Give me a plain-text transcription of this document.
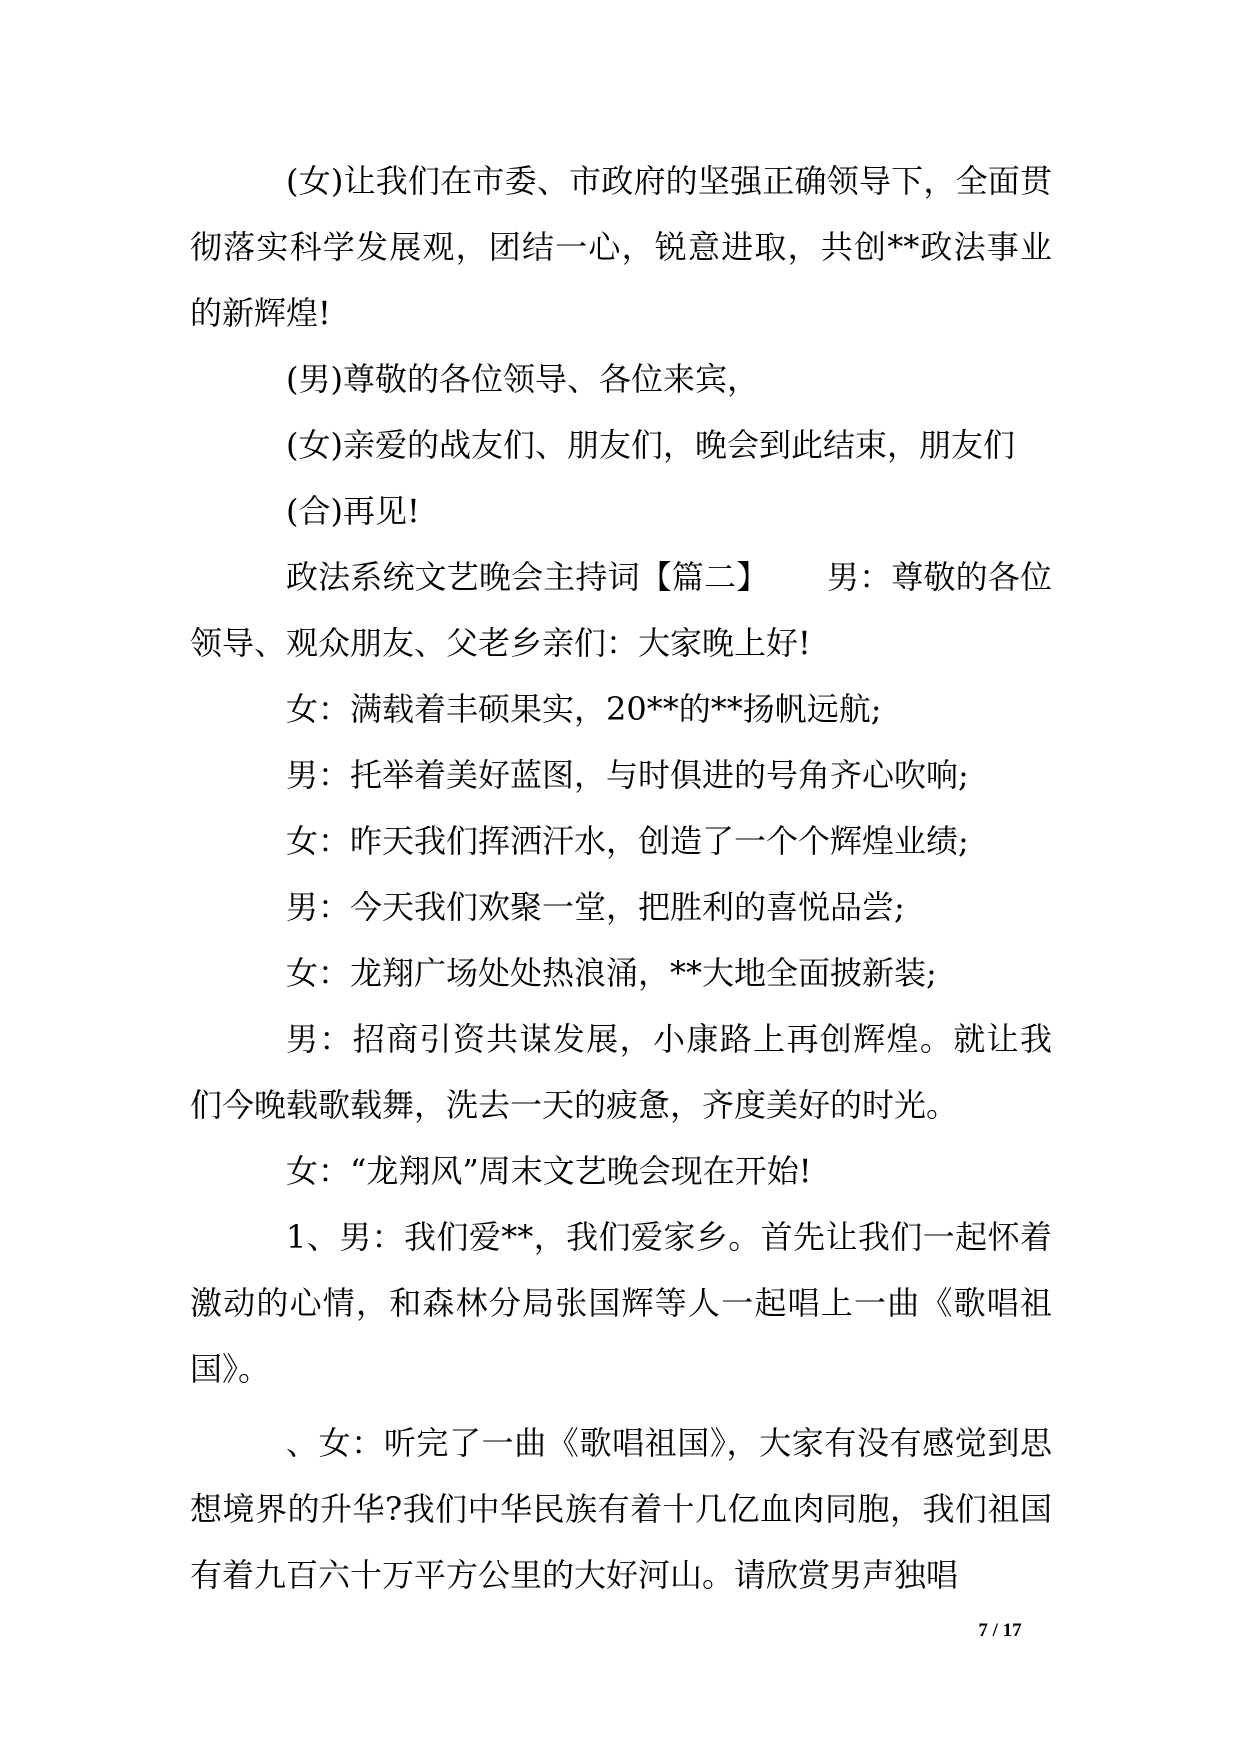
(女)让我们在市委、市政府的坚强正确领导下，全面贯彻落实科学发展观，团结一心，锐意进取，共创**政法事业的新辉煌!

(男)尊敬的各位领导、各位来宾，

(女)亲爱的战友们、朋友们，晚会到此结束，朋友们

(合)再见!

政法系统文艺晚会主持词【篇二】　　 男：尊敬的各位领导、观众朋友、父老乡亲们：大家晚上好!

女：满载着丰硕果实，20**的**扬帆远航;

男：托举着美好蓝图，与时俱进的号角齐心吹响;

女：昨天我们挥洒汗水，创造了一个个辉煌业绩;

男：今天我们欢聚一堂，把胜利的喜悦品尝;

女：龙翔广场处处热浪涌，**大地全面披新装;

男：招商引资共谋发展，小康路上再创辉煌。就让我们今晚载歌载舞，洗去一天的疲惫，齐度美好的时光。

女：“龙翔风”周末文艺晚会现在开始!

1、男：我们爱**，我们爱家乡。首先让我们一起怀着激动的心情，和森林分局张国辉等人一起唱上一曲《歌唱祖国》。

、女：听完了一曲《歌唱祖国》，大家有没有感觉到思想境界的升华?我们中华民族有着十几亿血肉同胞，我们祖国有着九百六十万平方公里的大好河山。请欣赏男声独唱

7 / 17
